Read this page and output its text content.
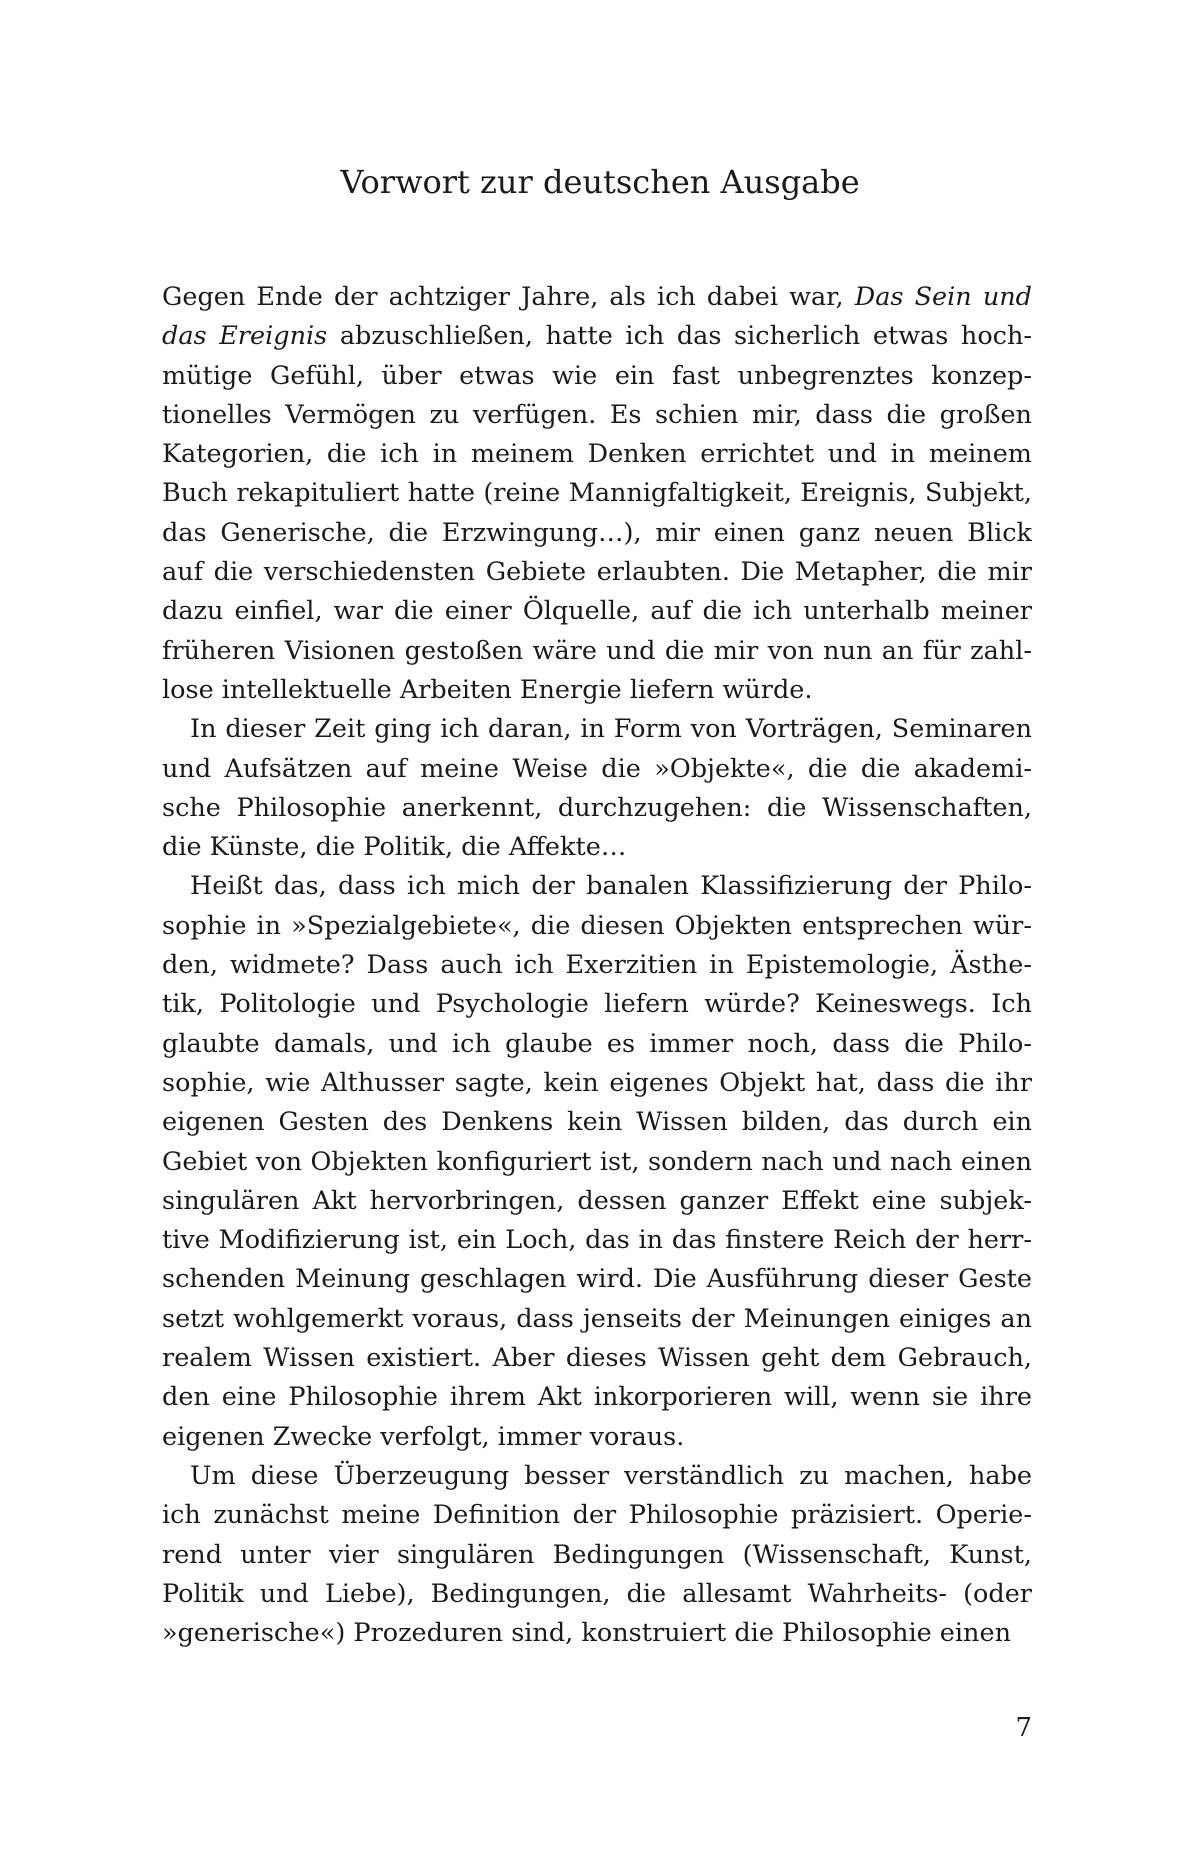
Vorwort zur deutschen Ausgabe
Gegen Ende der achtziger Jahre, als ich dabei war, Das Sein und
das Ereignis abzuschließen, hatte ich das sicherlich etwas hoch-
mütige Gefühl, über etwas wie ein fast unbegrenztes konzep-
tionelles Vermögen zu verfügen. Es schien mir, dass die großen
Kategorien, die ich in meinem Denken errichtet und in meinem
Buch rekapituliert hatte (reine Mannigfaltigkeit, Ereignis, Subjekt,
das Generische, die Erzwingung…), mir einen ganz neuen Blick
auf die verschiedensten Gebiete erlaubten. Die Metapher, die mir
dazu einfiel, war die einer Ölquelle, auf die ich unterhalb meiner
früheren Visionen gestoßen wäre und die mir von nun an für zahl-
lose intellektuelle Arbeiten Energie liefern würde.
In dieser Zeit ging ich daran, in Form von Vorträgen, Seminaren
und Aufsätzen auf meine Weise die »Objekte«, die die akademi-
sche Philosophie anerkennt, durchzugehen: die Wissenschaften,
die Künste, die Politik, die Affekte…
Heißt das, dass ich mich der banalen Klassifizierung der Philo-
sophie in »Spezialgebiete«, die diesen Objekten entsprechen wür-
den, widmete? Dass auch ich Exerzitien in Epistemologie, Ästhe-
tik, Politologie und Psychologie liefern würde? Keineswegs. Ich
glaubte damals, und ich glaube es immer noch, dass die Philo-
sophie, wie Althusser sagte, kein eigenes Objekt hat, dass die ihr
eigenen Gesten des Denkens kein Wissen bilden, das durch ein
Gebiet von Objekten konfiguriert ist, sondern nach und nach einen
singulären Akt hervorbringen, dessen ganzer Effekt eine subjek-
tive Modifizierung ist, ein Loch, das in das finstere Reich der herr-
schenden Meinung geschlagen wird. Die Ausführung dieser Geste
setzt wohlgemerkt voraus, dass jenseits der Meinungen einiges an
realem Wissen existiert. Aber dieses Wissen geht dem Gebrauch,
den eine Philosophie ihrem Akt inkorporieren will, wenn sie ihre
eigenen Zwecke verfolgt, immer voraus.
Um diese Überzeugung besser verständlich zu machen, habe
ich zunächst meine Definition der Philosophie präzisiert. Operie-
rend unter vier singulären Bedingungen (Wissenschaft, Kunst,
Politik und Liebe), Bedingungen, die allesamt Wahrheits- (oder
»generische«) Prozeduren sind, konstruiert die Philosophie einen
7
